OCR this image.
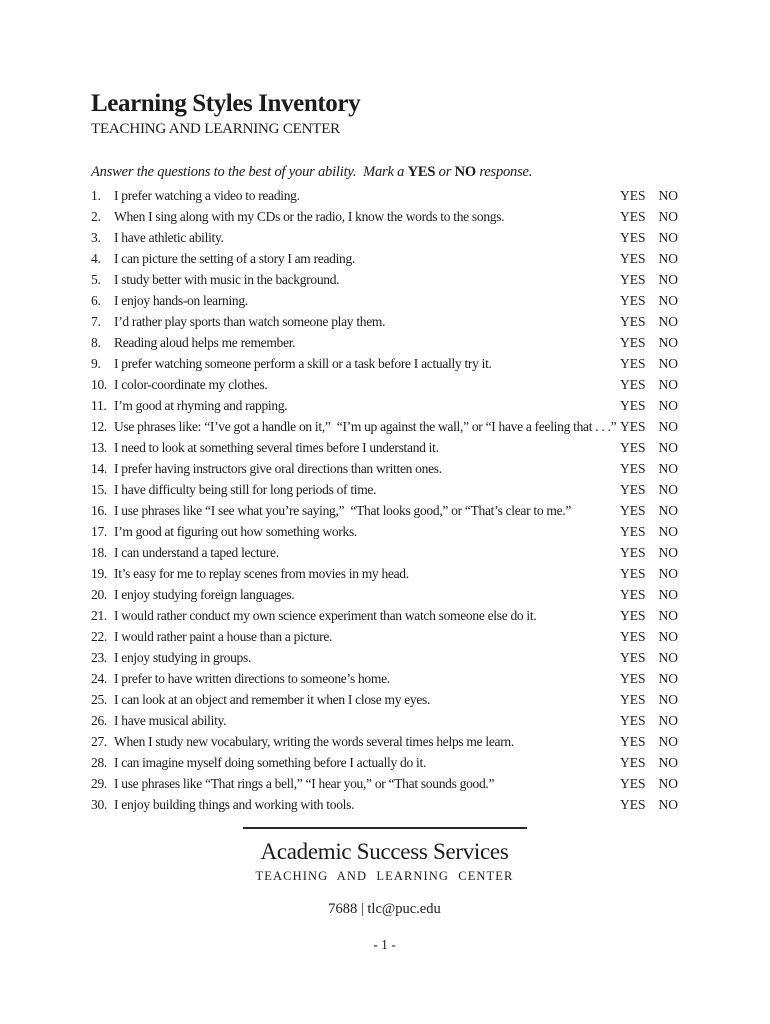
Learning Styles Inventory
TEACHING AND LEARNING CENTER

Answer the questions to the best of your ability.  Mark a YES or NO response.

1. I prefer watching a video to reading.	YES NO
2. When I sing along with my CDs or the radio, I know the words to the songs.	YES NO
3. I have athletic ability.	YES NO
4. I can picture the setting of a story I am reading.	YES NO
5. I study better with music in the background.	YES NO
6. I enjoy hands-on learning.	YES NO
7. I’d rather play sports than watch someone play them.	YES NO
8. Reading aloud helps me remember.	YES NO
9. I prefer watching someone perform a skill or a task before I actually try it.	YES NO
10. I color-coordinate my clothes.	YES NO
11. I’m good at rhyming and rapping.	YES NO
12. Use phrases like: “I’ve got a handle on it,”  “I’m up against the wall,” or “I have a feeling that . . .” YES NO
13. I need to look at something several times before I understand it.	YES NO
14. I prefer having instructors give oral directions than written ones.	YES NO
15. I have difficulty being still for long periods of time.	YES NO
16. I use phrases like “I see what you’re saying,”  “That looks good,” or “That’s clear to me.”	YES NO
17. I’m good at figuring out how something works.	YES NO
18. I can understand a taped lecture.	YES NO
19. It’s easy for me to replay scenes from movies in my head.	YES NO
20. I enjoy studying foreign languages.	YES NO
21. I would rather conduct my own science experiment than watch someone else do it.	YES NO
22. I would rather paint a house than a picture.	YES NO
23. I enjoy studying in groups.	YES NO
24. I prefer to have written directions to someone’s home.	YES NO
25. I can look at an object and remember it when I close my eyes.	YES NO
26. I have musical ability.	YES NO
27. When I study new vocabulary, writing the words several times helps me learn.	YES NO
28. I can imagine myself doing something before I actually do it.	YES NO
29. I use phrases like “That rings a bell,” “I hear you,” or “That sounds good.”	YES NO
30. I enjoy building things and working with tools.	YES NO
Academic Success Services
TEACHING AND LEARNING CENTER
7688 | tlc@puc.edu
- 1 -
